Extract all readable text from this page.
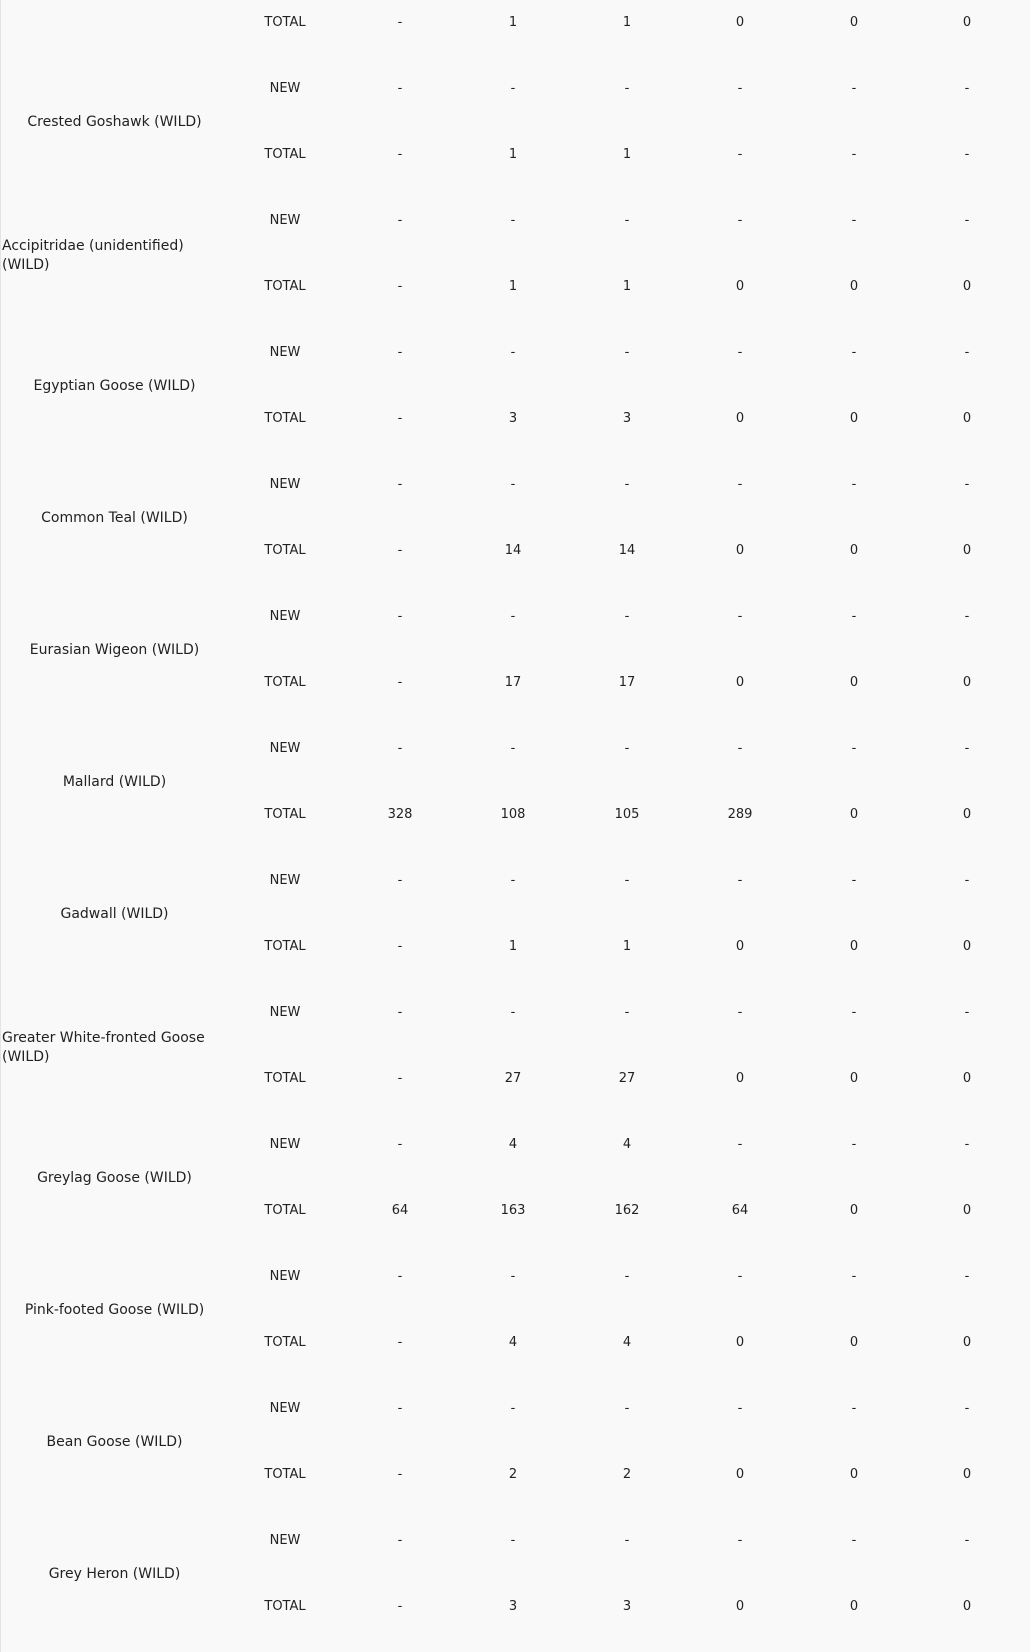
TOTAL	-	1	1	0	0	0
Crested Goshawk (WILD)
NEW	-	-	-	-	-	-
TOTAL	-	1	1	-	-	-
Accipitridae (unidentified) (WILD)
NEW	-	-	-	-	-	-
TOTAL	-	1	1	0	0	0
Egyptian Goose (WILD)
NEW	-	-	-	-	-	-
TOTAL	-	3	3	0	0	0
Common Teal (WILD)
NEW	-	-	-	-	-	-
TOTAL	-	14	14	0	0	0
Eurasian Wigeon (WILD)
NEW	-	-	-	-	-	-
TOTAL	-	17	17	0	0	0
Mallard (WILD)
NEW	-	-	-	-	-	-
TOTAL	328	108	105	289	0	0
Gadwall (WILD)
NEW	-	-	-	-	-	-
TOTAL	-	1	1	0	0	0
Greater White-fronted Goose (WILD)
NEW	-	-	-	-	-	-
TOTAL	-	27	27	0	0	0
Greylag Goose (WILD)
NEW	-	4	4	-	-	-
TOTAL	64	163	162	64	0	0
Pink-footed Goose (WILD)
NEW	-	-	-	-	-	-
TOTAL	-	4	4	0	0	0
Bean Goose (WILD)
NEW	-	-	-	-	-	-
TOTAL	-	2	2	0	0	0
Grey Heron (WILD)
NEW	-	-	-	-	-	-
TOTAL	-	3	3	0	0	0
